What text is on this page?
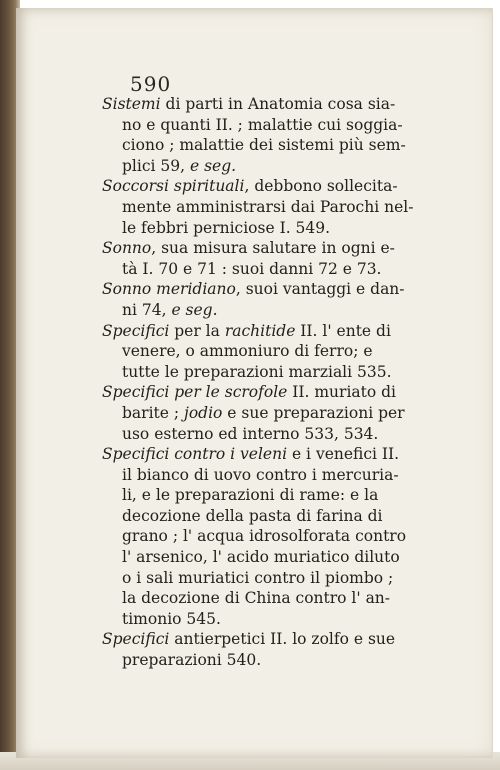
590
Sistemi di parti in Anatomia cosa sia-
no e quanti II. ; malattie cui soggia-
ciono ; malattie dei sistemi più sem-
plici 59, e seg.
Soccorsi spirituali, debbono sollecita-
mente amministrarsi dai Parochi nel-
le febbri perniciose I. 549.
Sonno, sua misura salutare in ogni e-
tà I. 70 e 71 : suoi danni 72 e 73.
Sonno meridiano, suoi vantaggi e dan-
ni 74, e seg.
Specifici per la rachitide II. l' ente di
venere, o ammoniuro di ferro; e
tutte le preparazioni marziali 535.
Specifici per le scrofole II. muriato di
barite ; jodio e sue preparazioni per
uso esterno ed interno 533, 534.
Specifici contro i veleni e i venefici II.
il bianco di uovo contro i mercuria-
li, e le preparazioni di rame: e la
decozione della pasta di farina di
grano ; l' acqua idrosolforata contro
l' arsenico, l' acido muriatico diluto
o i sali muriatici contro il piombo ;
la decozione di China contro l' an-
timonio 545.
Specifici antierpetici II. lo zolfo e sue
preparazioni 540.
